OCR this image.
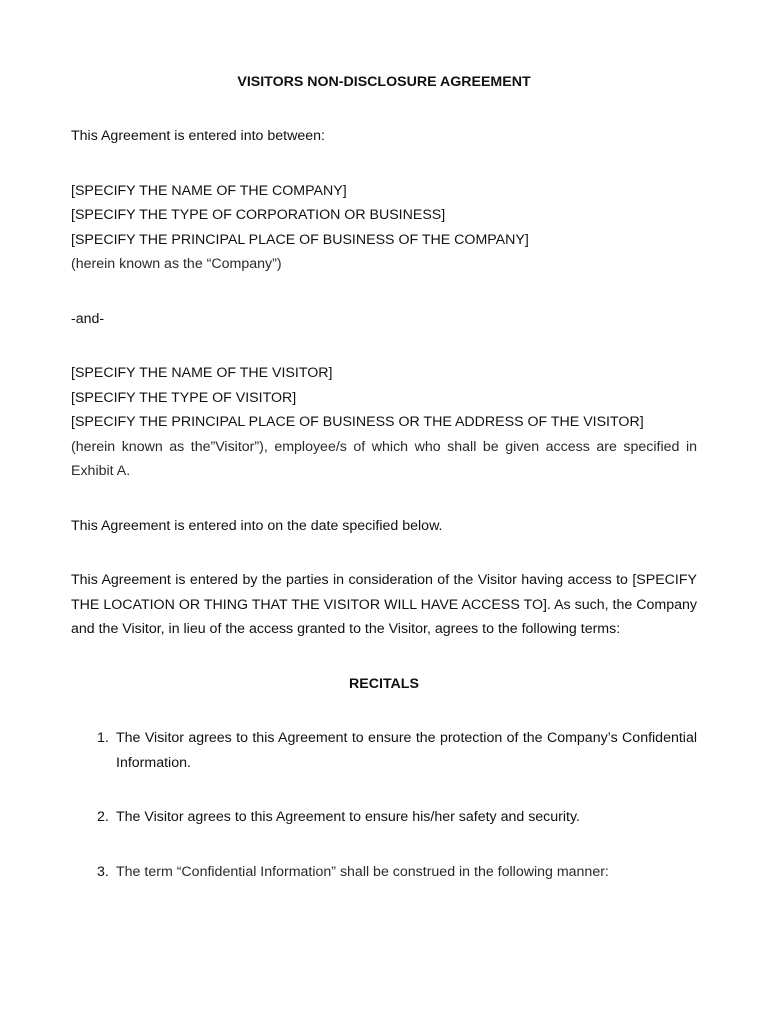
VISITORS NON-DISCLOSURE AGREEMENT

This Agreement is entered into between:

[SPECIFY THE NAME OF THE COMPANY]

[SPECIFY THE TYPE OF CORPORATION OR BUSINESS]

[SPECIFY THE PRINCIPAL PLACE OF BUSINESS OF THE COMPANY]

(herein known as the “Company”)

-and-

[SPECIFY THE NAME OF THE VISITOR]

[SPECIFY THE TYPE OF VISITOR]

[SPECIFY THE PRINCIPAL PLACE OF BUSINESS OR THE ADDRESS OF THE VISITOR]

(herein known as the”Visitor”), employee/s of which who shall be given access are specified in Exhibit A.

This Agreement is entered into on the date specified below.

This Agreement is entered by the parties in consideration of the Visitor having access to [SPECIFY THE LOCATION OR THING THAT THE VISITOR WILL HAVE ACCESS TO]. As such, the Company and the Visitor, in lieu of the access granted to the Visitor, agrees to the following terms:

RECITALS

1. The Visitor agrees to this Agreement to ensure the protection of the Company’s Confidential Information.

2. The Visitor agrees to this Agreement to ensure his/her safety and security.

3. The term “Confidential Information” shall be construed in the following manner:
